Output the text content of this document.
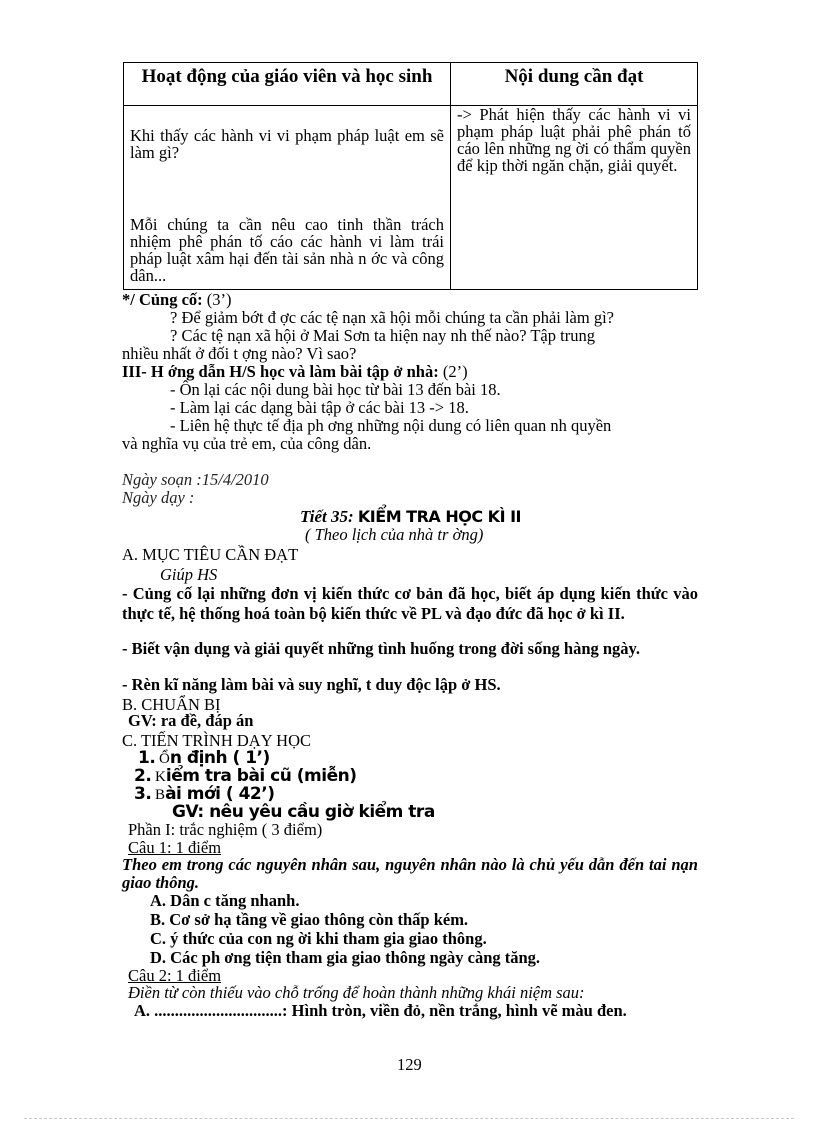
Hoạt động của giáo viên và học sinh	Nội dung cần đạt

Khi thấy các hành vi vi phạm pháp luật em sẽ làm gì?

Mỗi chúng ta cần nêu cao tinh thần trách nhiệm phê phán tố cáo các hành vi làm trái pháp luật xâm hại đến tài sản nhà n ớc và công dân...	-> Phát hiện thấy các hành vi vi phạm pháp luật phải phê phán tố cáo lên những ng ời có thẩm quyền để kịp thời ngăn chặn, giải quyết.

*/ Củng cố: (3’)
? Để giảm bớt đ ợc các tệ nạn xã hội mỗi chúng ta cần phải làm gì?
? Các tệ nạn xã hội ở Mai Sơn ta hiện nay nh thế nào? Tập trung
nhiều nhất ở đối t ợng nào? Vì sao?
III- H ớng dẫn H/S học và làm bài tập ở nhà: (2’)
- Ôn lại các nội dung bài học từ bài 13 đến bài 18.
- Làm lại các dạng bài tập ở các bài 13 -> 18.
- Liên hệ thực tế địa ph ơng những nội dung có liên quan nh quyền
và nghĩa vụ của trẻ em, của công dân.
Ngày soạn :15/4/2010
Ngày dạy :
Tiết 35: KIỂM TRA HỌC KÌ II
( Theo lịch của nhà tr ờng)
A. MỤC TIÊU CẦN ĐẠT
Giúp HS
- Củng cố lại những đơn vị kiến thức cơ bản đã học, biết áp dụng kiến thức vào thực tế, hệ thống hoá toàn bộ kiến thức về PL và đạo đức đã học ở kì II.
- Biết vận dụng và giải quyết những tình huống trong đời sống hàng ngày.
- Rèn kĩ năng làm bài và suy nghĩ, t duy độc lập ở HS.
B. CHUẨN BỊ
GV: ra đề, đáp án
C. TIẾN TRÌNH DẠY HỌC
1. Ổn định ( 1’)
2. Kiểm tra bài cũ (miễn)
3. Bài mới ( 42’)
GV: nêu yêu cầu giờ kiểm tra
Phần I: trắc nghiệm ( 3 điểm)
Câu 1: 1 điểm
Theo em trong các nguyên nhân sau, nguyên nhân nào là chủ yếu dẫn đến tai nạn giao thông.
A. Dân c tăng nhanh.
B. Cơ sở hạ tầng về giao thông còn thấp kém.
C. ý thức của con ng ời khi tham gia giao thông.
D. Các ph ơng tiện tham gia giao thông ngày càng tăng.
Câu 2: 1 điểm
Điền từ còn thiếu vào chỗ trống để hoàn thành những khái niệm sau:
A. ...............................: Hình tròn, viền đỏ, nền trắng, hình vẽ màu đen.
129
